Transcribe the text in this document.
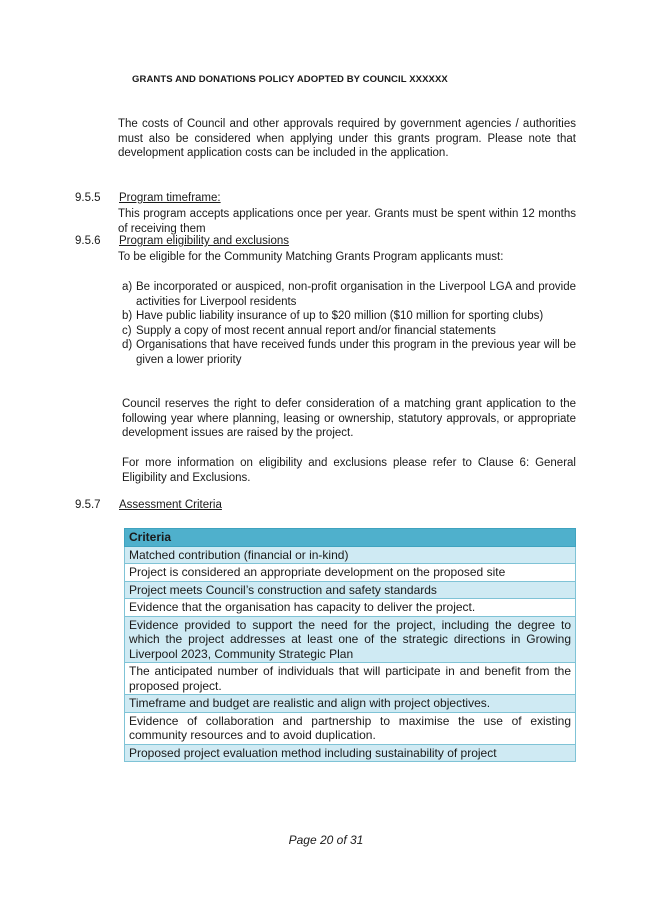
GRANTS AND DONATIONS POLICY ADOPTED BY COUNCIL XXXXXX
The costs of Council and other approvals required by government agencies / authorities must also be considered when applying under this grants program. Please note that development application costs can be included in the application.
9.5.5 Program timeframe:
This program accepts applications once per year. Grants must be spent within 12 months of receiving them
9.5.6 Program eligibility and exclusions
To be eligible for the Community Matching Grants Program applicants must:
a) Be incorporated or auspiced, non-profit organisation in the Liverpool LGA and provide activities for Liverpool residents
b) Have public liability insurance of up to $20 million ($10 million for sporting clubs)
c) Supply a copy of most recent annual report and/or financial statements
d) Organisations that have received funds under this program in the previous year will be given a lower priority
Council reserves the right to defer consideration of a matching grant application to the following year where planning, leasing or ownership, statutory approvals, or appropriate development issues are raised by the project.
For more information on eligibility and exclusions please refer to Clause 6: General Eligibility and Exclusions.
9.5.7 Assessment Criteria
Criteria
Matched contribution (financial or in-kind)
Project is considered an appropriate development on the proposed site
Project meets Council’s construction and safety standards
Evidence that the organisation has capacity to deliver the project.
Evidence provided to support the need for the project, including the degree to which the project addresses at least one of the strategic directions in Growing Liverpool 2023, Community Strategic Plan
The anticipated number of individuals that will participate in and benefit from the proposed project.
Timeframe and budget are realistic and align with project objectives.
Evidence of collaboration and partnership to maximise the use of existing community resources and to avoid duplication.
Proposed project evaluation method including sustainability of project
Page 20 of 31
